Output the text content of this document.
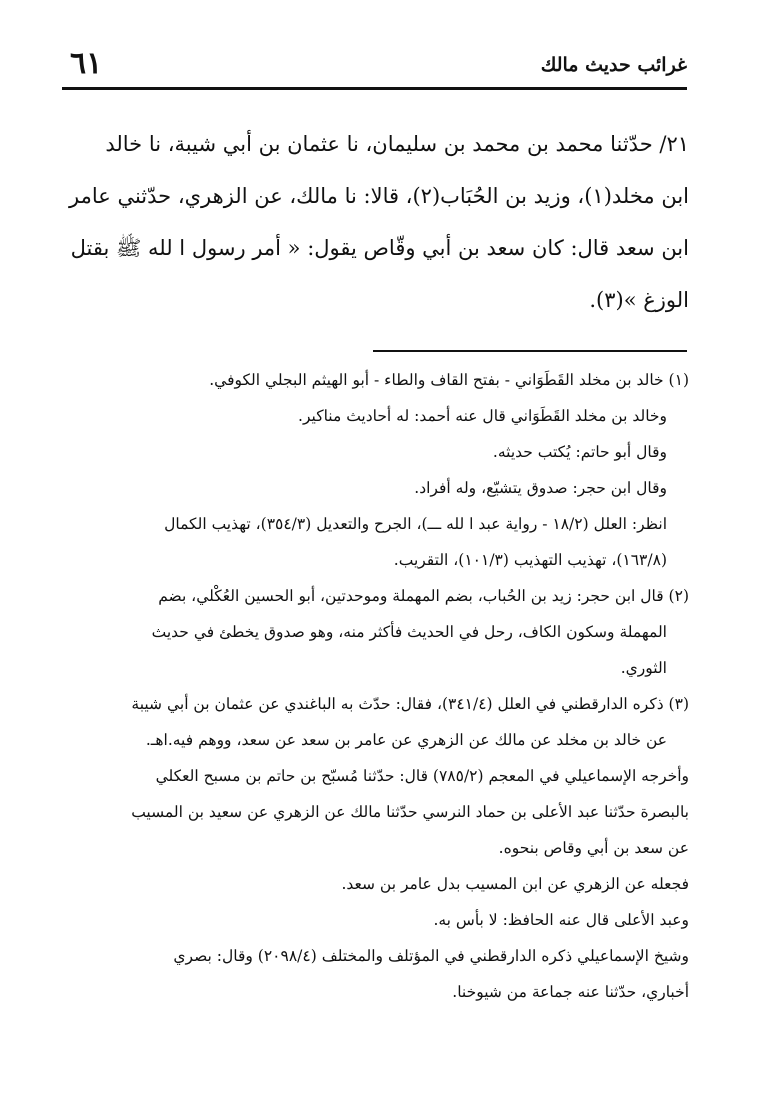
غرائب حديث مالك
٦١
٢١/ حدّثنا محمد بن محمد بن سليمان، نا عثمان بن أبي شيبة، نا خالد
ابن مخلد(١)، وزيد بن الحُبَاب(٢)، قالا: نا مالك، عن الزهري، حدّثني عامر
ابن سعد قال: كان سعد بن أبي وقّاص يقول: « أمر رسول ا لله ﷺ بقتل
الوزغ »(٣).
(١) خالد بن مخلد القَطَوَاني - بفتح القاف والطاء - أبو الهيثم البجلي الكوفي.
وخالد بن مخلد القَطَوَاني قال عنه أحمد: له أحاديث مناكير.
وقال أبو حاتم: يُكتب حديثه.
وقال ابن حجر: صدوق يتشيّع، وله أفراد.
انظر: العلل (١٨/٢ - رواية عبد ا لله ـــ)، الجرح والتعديل (٣٥٤/٣)، تهذيب الكمال
(١٦٣/٨)، تهذيب التهذيب (١٠١/٣)، التقريب.
(٢) قال ابن حجر: زيد بن الحُباب، بضم المهملة وموحدتين، أبو الحسين العُكْلي، بضم
المهملة وسكون الكاف، رحل في الحديث فأكثر منه، وهو صدوق يخطئ في حديث
الثوري.
(٣) ذكره الدارقطني في العلل (٣٤١/٤)، فقال: حدّث به الباغندي عن عثمان بن أبي شيبة
عن خالد بن مخلد عن مالك عن الزهري عن عامر بن سعد عن سعد، ووهم فيه.اهـ.
وأخرجه الإسماعيلي في المعجم (٧٨٥/٢) قال: حدّثنا مُسبّح بن حاتم بن مسبح العكلي
بالبصرة حدّثنا عبد الأعلى بن حماد النرسي حدّثنا مالك عن الزهري عن سعيد بن المسيب
عن سعد بن أبي وقاص بنحوه.
فجعله عن الزهري عن ابن المسيب بدل عامر بن سعد.
وعبد الأعلى قال عنه الحافظ: لا بأس به.
وشيخ الإسماعيلي ذكره الدارقطني في المؤتلف والمختلف (٢٠٩٨/٤) وقال: بصري
أخباري، حدّثنا عنه جماعة من شيوخنا.
